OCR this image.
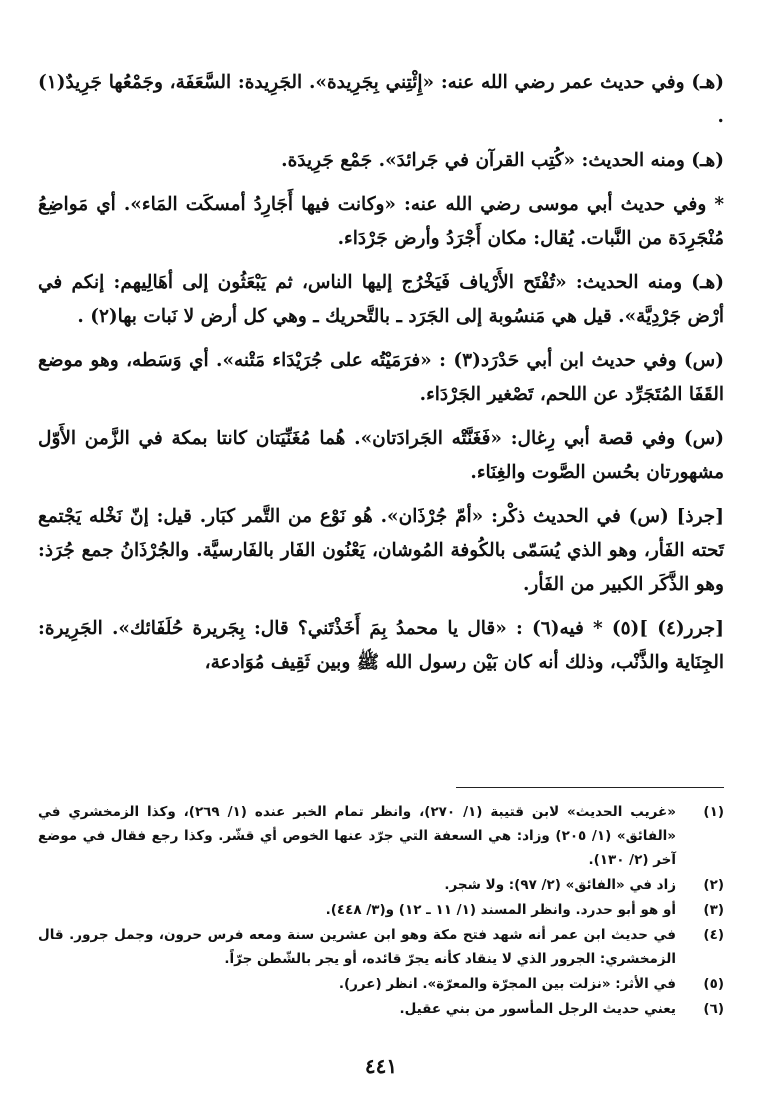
(هـ) وفي حديث عمر رضي الله عنه: «إِئْتِني بِجَرِيدة». الجَرِيدة: السَّعَفَة، وجَمْعُها جَرِيدٌ(١) .

(هـ) ومنه الحديث: «كُتِب القرآن في جَرائدَ». جَمْع جَرِيدَة.

* وفي حديث أبي موسى رضي الله عنه: «وكانت فيها أَجَارِدُ أمسكَت المَاء». أي مَواضِعُ مُنْجَرِدَة من النَّبات. يُقال: مكان أَجْرَدُ وأرض جَرْدَاء.

(هـ) ومنه الحديث: «تُفْتَح الأَرْياف فَيَخْرُج إليها الناس، ثم يَبْعَثُون إلى أهَالِيهم: إنكم في أرْض جَرْدِيَّة». قيل هي مَنسُوبة إلى الجَرَد ـ بالتَّحريك ـ وهي كل أرض لا نَبات بها(٢) .

(س) وفي حديث ابن أبي حَدْرَد(٣) : «فرَمَيْتُه على جُرَيْدَاء مَتْنه». أي وَسَطه، وهو موضع القَفَا المُتَجَرِّد عن اللحم، تَصْغير الجَرْدَاء.

(س) وفي قصة أبي رِغال: «فَغَنَّتْه الجَرادَتان». هُما مُغَنِّيَتان كانتا بمكة في الزَّمن الأَوّل مشهورتان بحُسن الصَّوت والغِنَاء.

[جرذ] (س) في الحديث ذكْر: «أمّ جُرْذَان». هُو نَوْع من التَّمر كبَار. قيل: إنّ نَخْله يَجْتمع تَحته الفَأر، وهو الذي يُسَمّى بالكُوفة المُوشان، يَعْنُون الفَار بالفَارسيَّة. والجُرْذَانُ جمع جُرَذ: وهو الذَّكَر الكبير من الفَأر.

[جرر(٤) ](٥) * فيه(٦) : «قال يا محمدُ بِمَ أَخَذْتَني؟ قال: بِجَريرة حُلَفَائك». الجَرِيرة: الجِنَاية والذَّنْب، وذلك أنه كان بَيْن رسول الله ﷺ وبين ثَقِيف مُوَادعة،

(١)
«غريب الحديث» لابن قتيبة (١/ ٢٧٠)، وانظر تمام الخبر عنده (١/ ٢٦٩)، وكذا الزمخشري في «الفائق» (١/ ٢٠٥) وزاد: هي السعفة التي جرّد عنها الخوص أي قشّر. وكذا رجع فقال في موضع آخر (٢/ ١٣٠).
(٢)
زاد في «الفائق» (٢/ ٩٧): ولا شجر.
(٣)
أو هو أبو حدرد. وانظر المسند (١/ ١١ ـ ١٢) و(٣/ ٤٤٨).
(٤)
في حديث ابن عمر أنه شهد فتح مكة وهو ابن عشرين سنة ومعه فرس حرون، وجمل جرور. قال الزمخشري: الجرور الذي لا ينقاد كأنه يجرّ قائده، أو يجر بالشّطن جرّاً.
(٥)
في الأثر: «نزلت بين المجرّة والمعرّة». انظر (عرر).
(٦)
يعني حديث الرجل المأسور من بني عقيل.
٤٤١
